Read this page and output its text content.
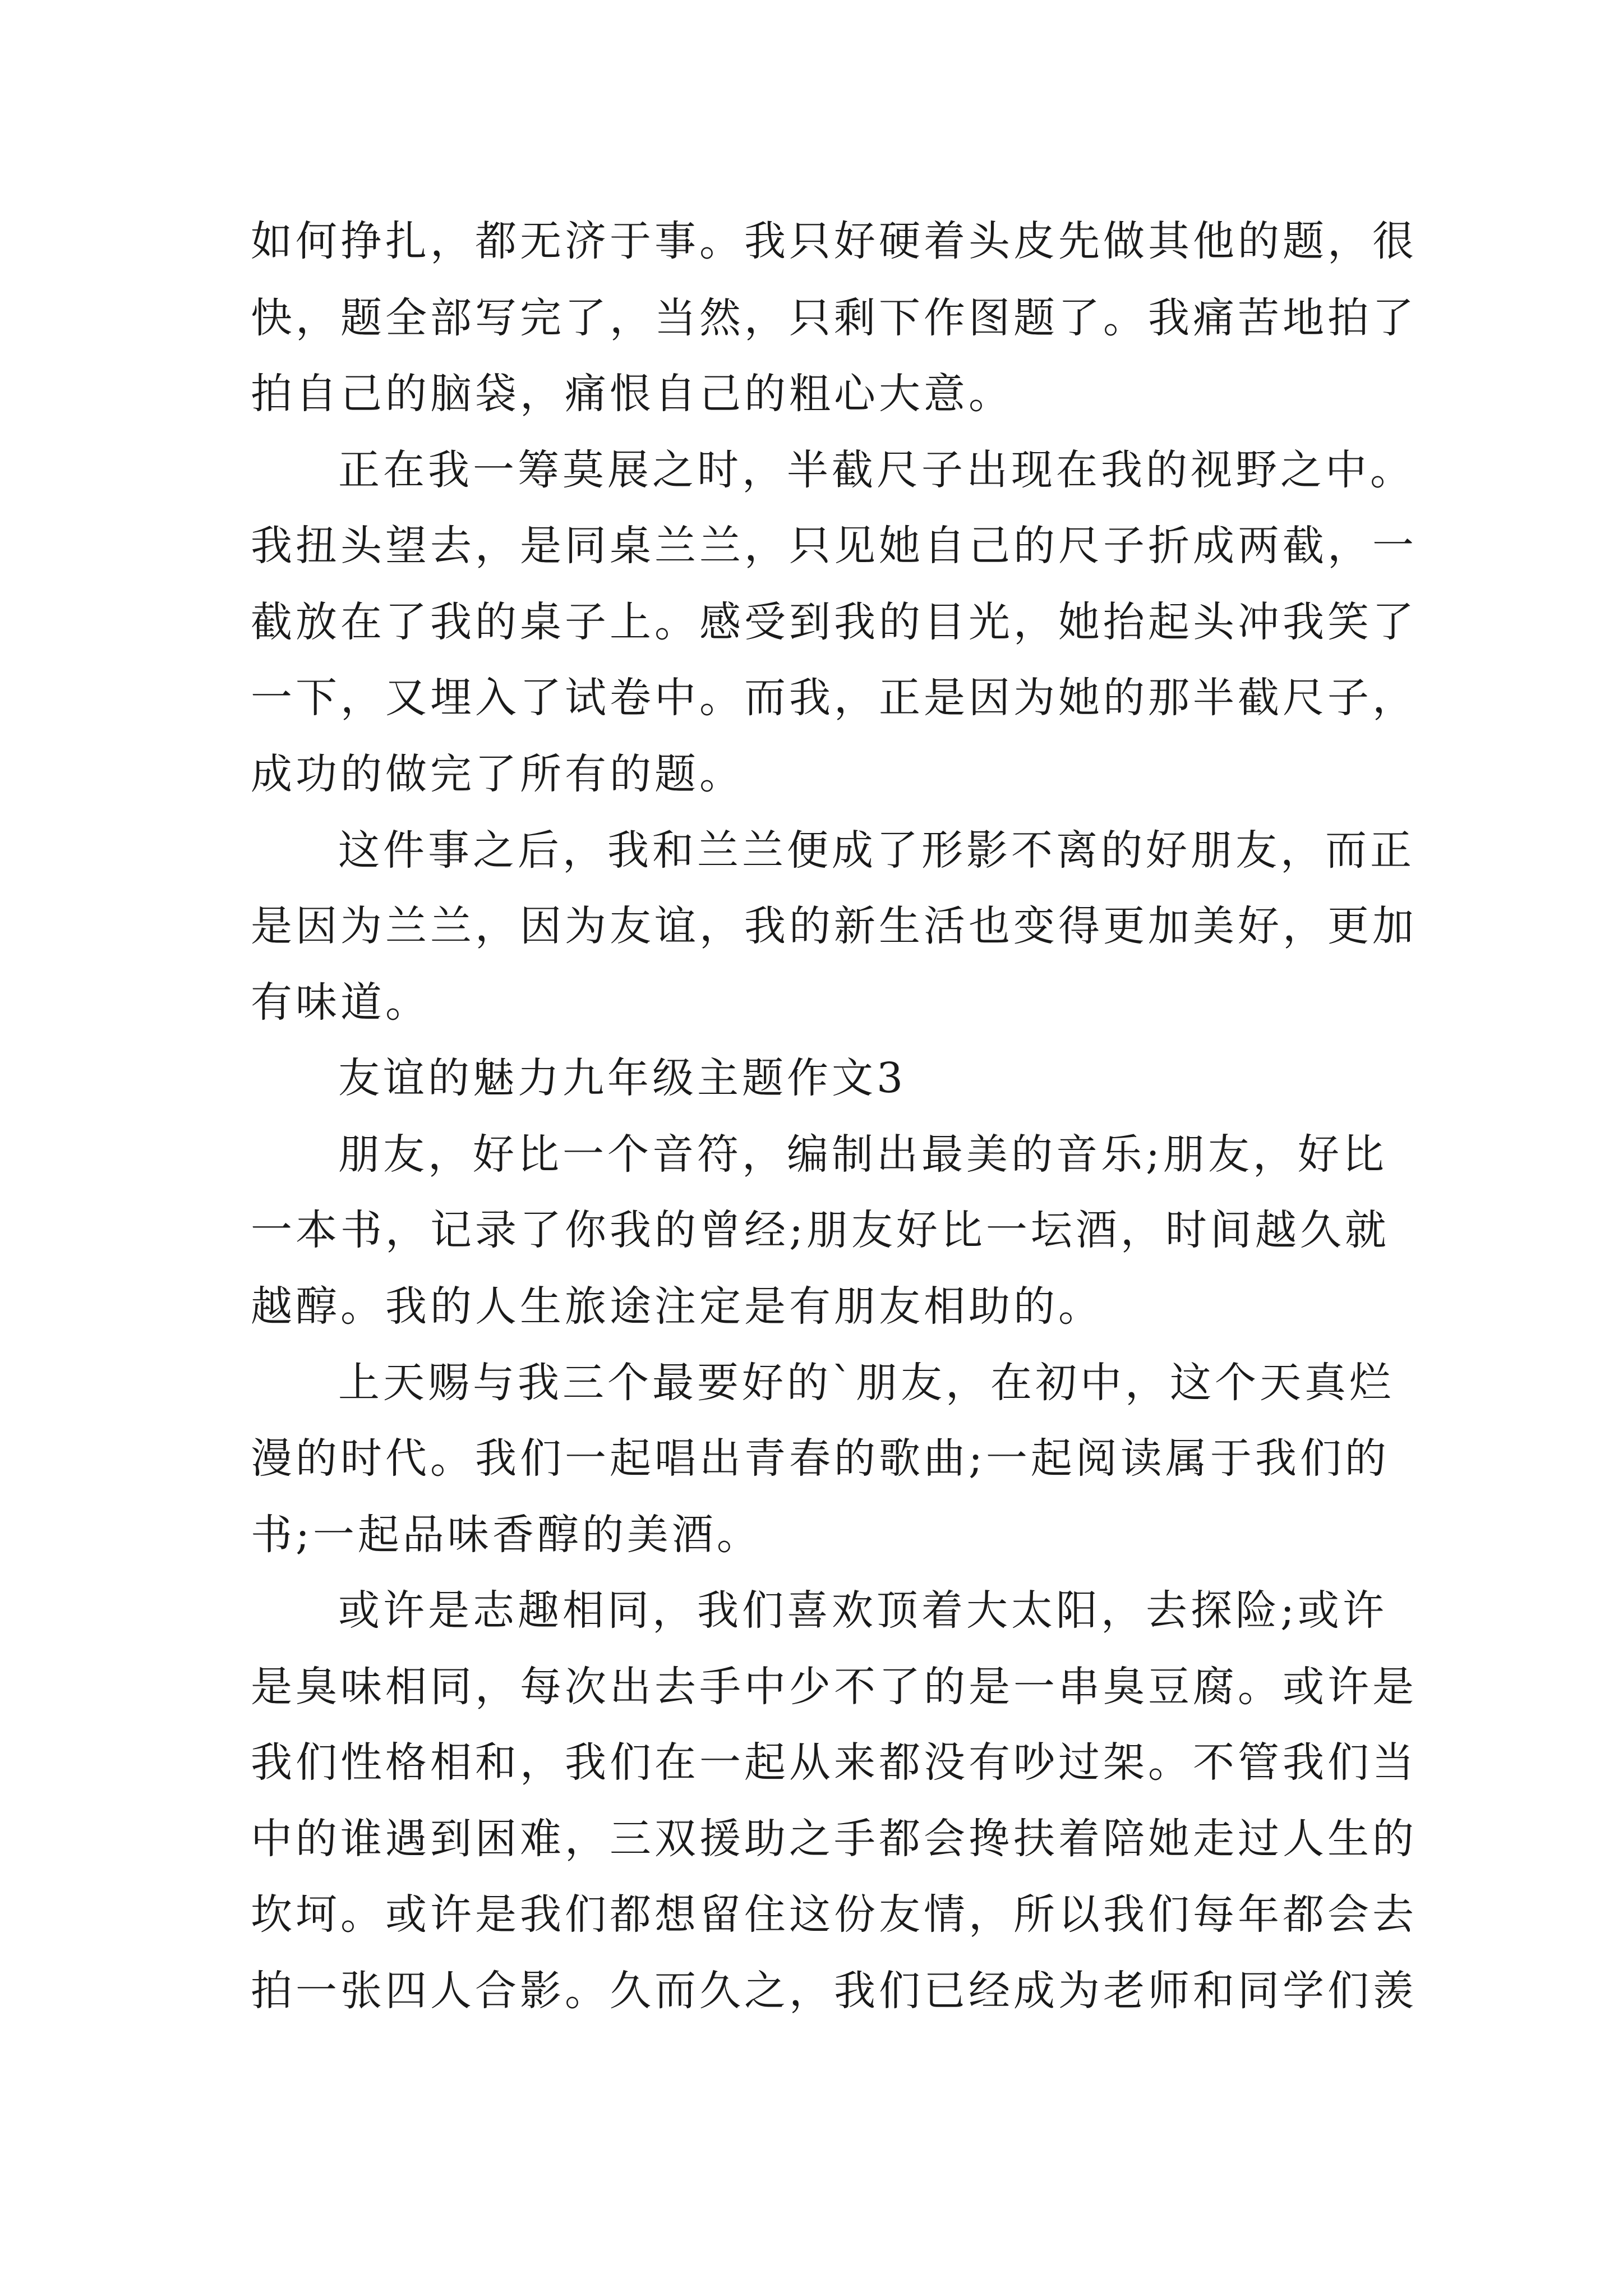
如何挣扎，都无济于事。我只好硬着头皮先做其他的题，很
快，题全部写完了，当然，只剩下作图题了。我痛苦地拍了
拍自己的脑袋，痛恨自己的粗心大意。
正在我一筹莫展之时，半截尺子出现在我的视野之中。
我扭头望去，是同桌兰兰，只见她自己的尺子折成两截，一
截放在了我的桌子上。感受到我的目光，她抬起头冲我笑了
一下，又埋入了试卷中。而我，正是因为她的那半截尺子，
成功的做完了所有的题。
这件事之后，我和兰兰便成了形影不离的好朋友，而正
是因为兰兰，因为友谊，我的新生活也变得更加美好，更加
有味道。
友谊的魅力九年级主题作文3
朋友，好比一个音符，编制出最美的音乐;朋友，好比
一本书，记录了你我的曾经;朋友好比一坛酒，时间越久就
越醇。我的人生旅途注定是有朋友相助的。
上天赐与我三个最要好的`朋友，在初中，这个天真烂
漫的时代。我们一起唱出青春的歌曲;一起阅读属于我们的
书;一起品味香醇的美酒。
或许是志趣相同，我们喜欢顶着大太阳，去探险;或许
是臭味相同，每次出去手中少不了的是一串臭豆腐。或许是
我们性格相和，我们在一起从来都没有吵过架。不管我们当
中的谁遇到困难，三双援助之手都会搀扶着陪她走过人生的
坎坷。或许是我们都想留住这份友情，所以我们每年都会去
拍一张四人合影。久而久之，我们已经成为老师和同学们羡
